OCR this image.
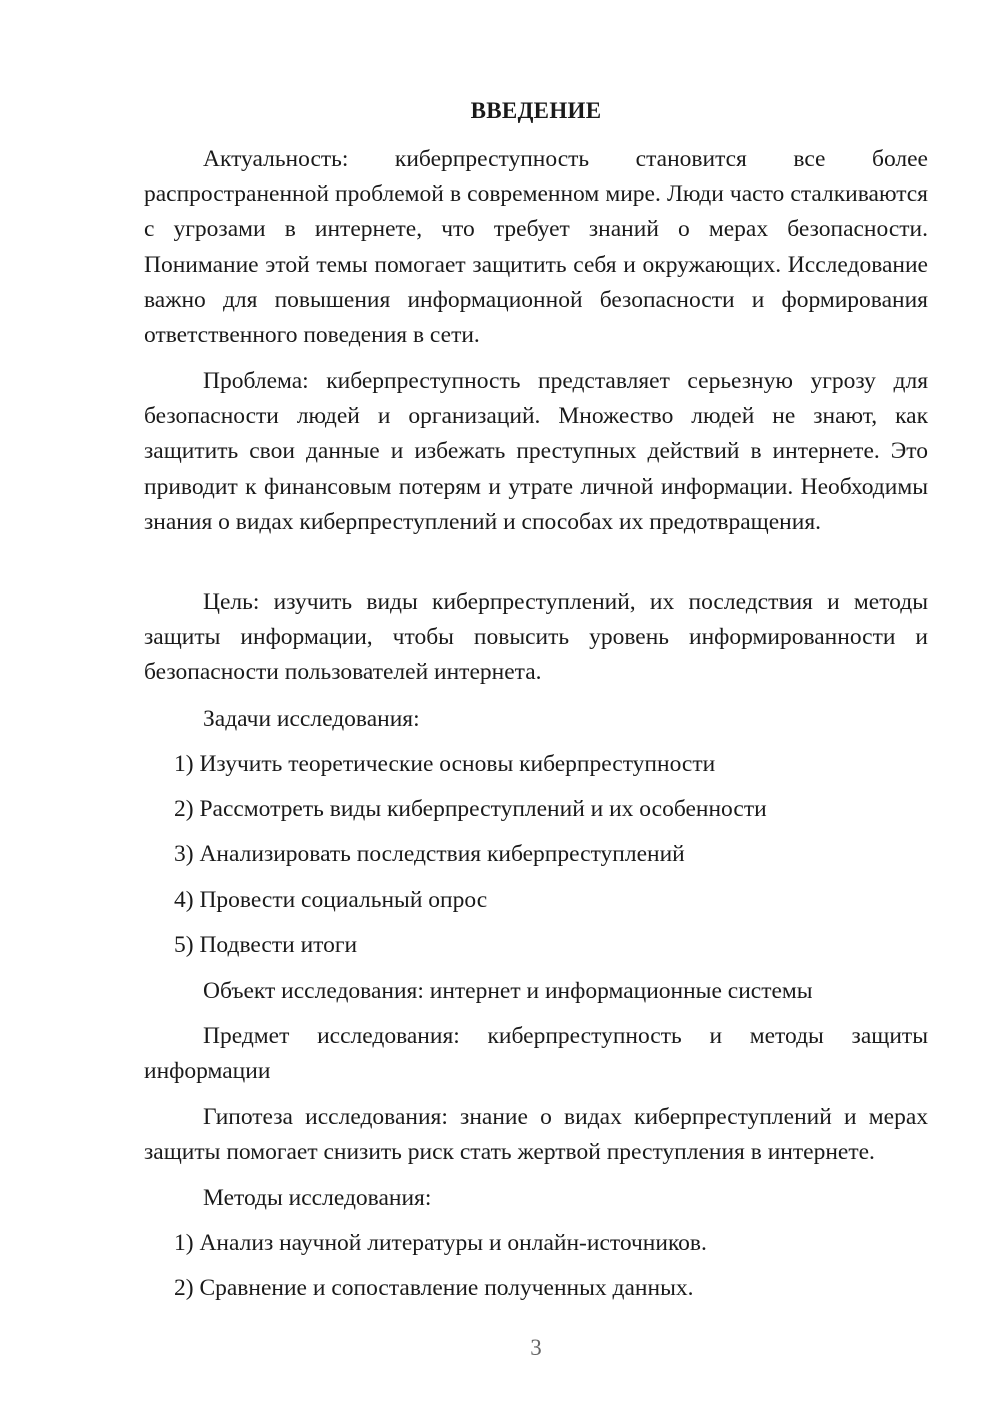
ВВЕДЕНИЕ

Актуальность: киберпреступность становится все более распространенной проблемой в современном мире. Люди часто сталкиваются с угрозами в интернете, что требует знаний о мерах безопасности. Понимание этой темы помогает защитить себя и окружающих. Исследование важно для повышения информационной безопасности и формирования ответственного поведения в сети.

Проблема: киберпреступность представляет серьезную угрозу для безопасности людей и организаций. Множество людей не знают, как защитить свои данные и избежать преступных действий в интернете. Это приводит к финансовым потерям и утрате личной информации. Необходимы знания о видах киберпреступлений и способах их предотвращения.

Цель: изучить виды киберпреступлений, их последствия и методы защиты информации, чтобы повысить уровень информированности и безопасности пользователей интернета.

Задачи исследования:

1) Изучить теоретические основы киберпреступности

2) Рассмотреть виды киберпреступлений и их особенности

3) Анализировать последствия киберпреступлений

4) Провести социальный опрос

5) Подвести итоги

Объект исследования: интернет и информационные системы

Предмет исследования: киберпреступность и методы защиты информации

Гипотеза исследования: знание о видах киберпреступлений и мерах защиты помогает снизить риск стать жертвой преступления в интернете.

Методы исследования:

1) Анализ научной литературы и онлайн-источников.

2) Сравнение и сопоставление полученных данных.

3
